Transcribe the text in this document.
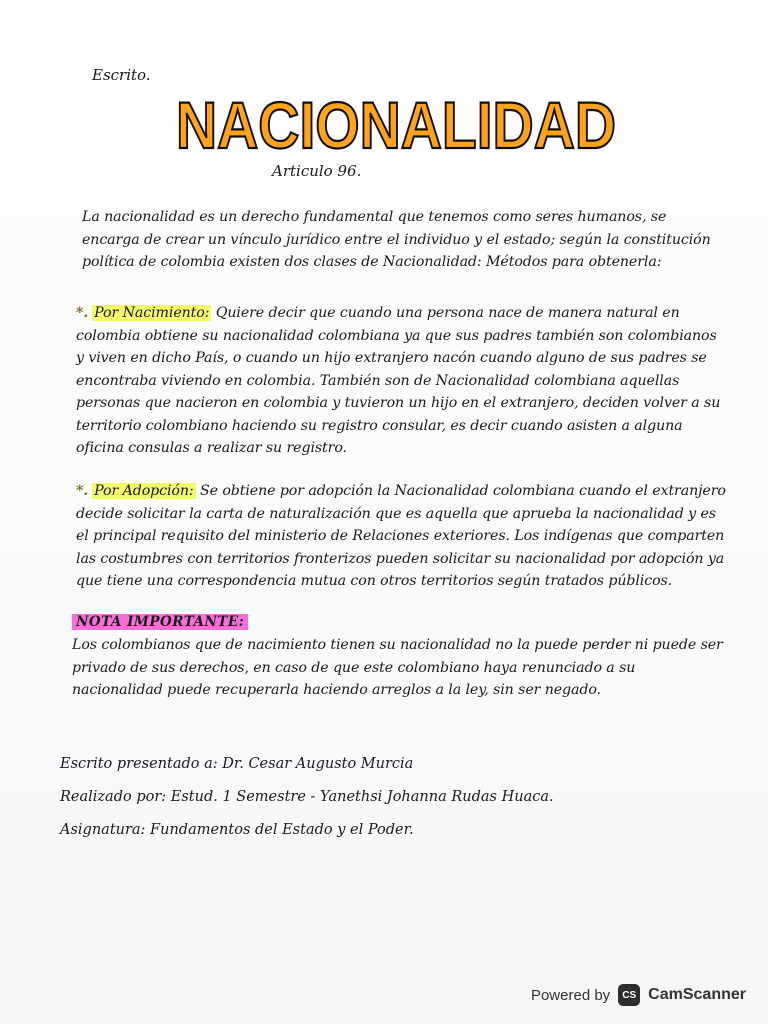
Escrito.
NACIONALIDAD
Articulo 96.
La nacionalidad es un derecho fundamental que tenemos como seres humanos, se encarga de crear un vínculo jurídico entre el individuo y el estado; según la constitución política de colombia existen dos clases de Nacionalidad: Métodos para obtenerla:
*. Por Nacimiento: Quiere decir que cuando una persona nace de manera natural en colombia obtiene su nacionalidad colombiana ya que sus padres también son colombianos y viven en dicho País, o cuando un hijo extranjero nacón cuando alguno de sus padres se encontraba viviendo en colombia. También son de Nacionalidad colombiana aquellas personas que nacieron en colombia y tuvieron un hijo en el extranjero, deciden volver a su territorio colombiano haciendo su registro consular, es decir cuando asisten a alguna oficina consulas a realizar su registro.
*. Por Adopción: Se obtiene por adopción la Nacionalidad colombiana cuando el extranjero decide solicitar la carta de naturalización que es aquella que aprueba la nacionalidad y es el principal requisito del ministerio de Relaciones exteriores. Los indígenas que comparten las costumbres con territorios fronterizos pueden solicitar su nacionalidad por adopción ya que tiene una correspondencia mutua con otros territorios según tratados públicos.
NOTA IMPORTANTE:
Los colombianos que de nacimiento tienen su nacionalidad no la puede perder ni puede ser privado de sus derechos, en caso de que este colombiano haya renunciado a su nacionalidad puede recuperarla haciendo arreglos a la ley, sin ser negado.
Escrito presentado a: Dr. Cesar Augusto Murcia
Realizado por: Estud. 1 Semestre - Yanethsi Johanna Rudas Huaca.
Asignatura: Fundamentos del Estado y el Poder.
Powered by	CS CamScanner
